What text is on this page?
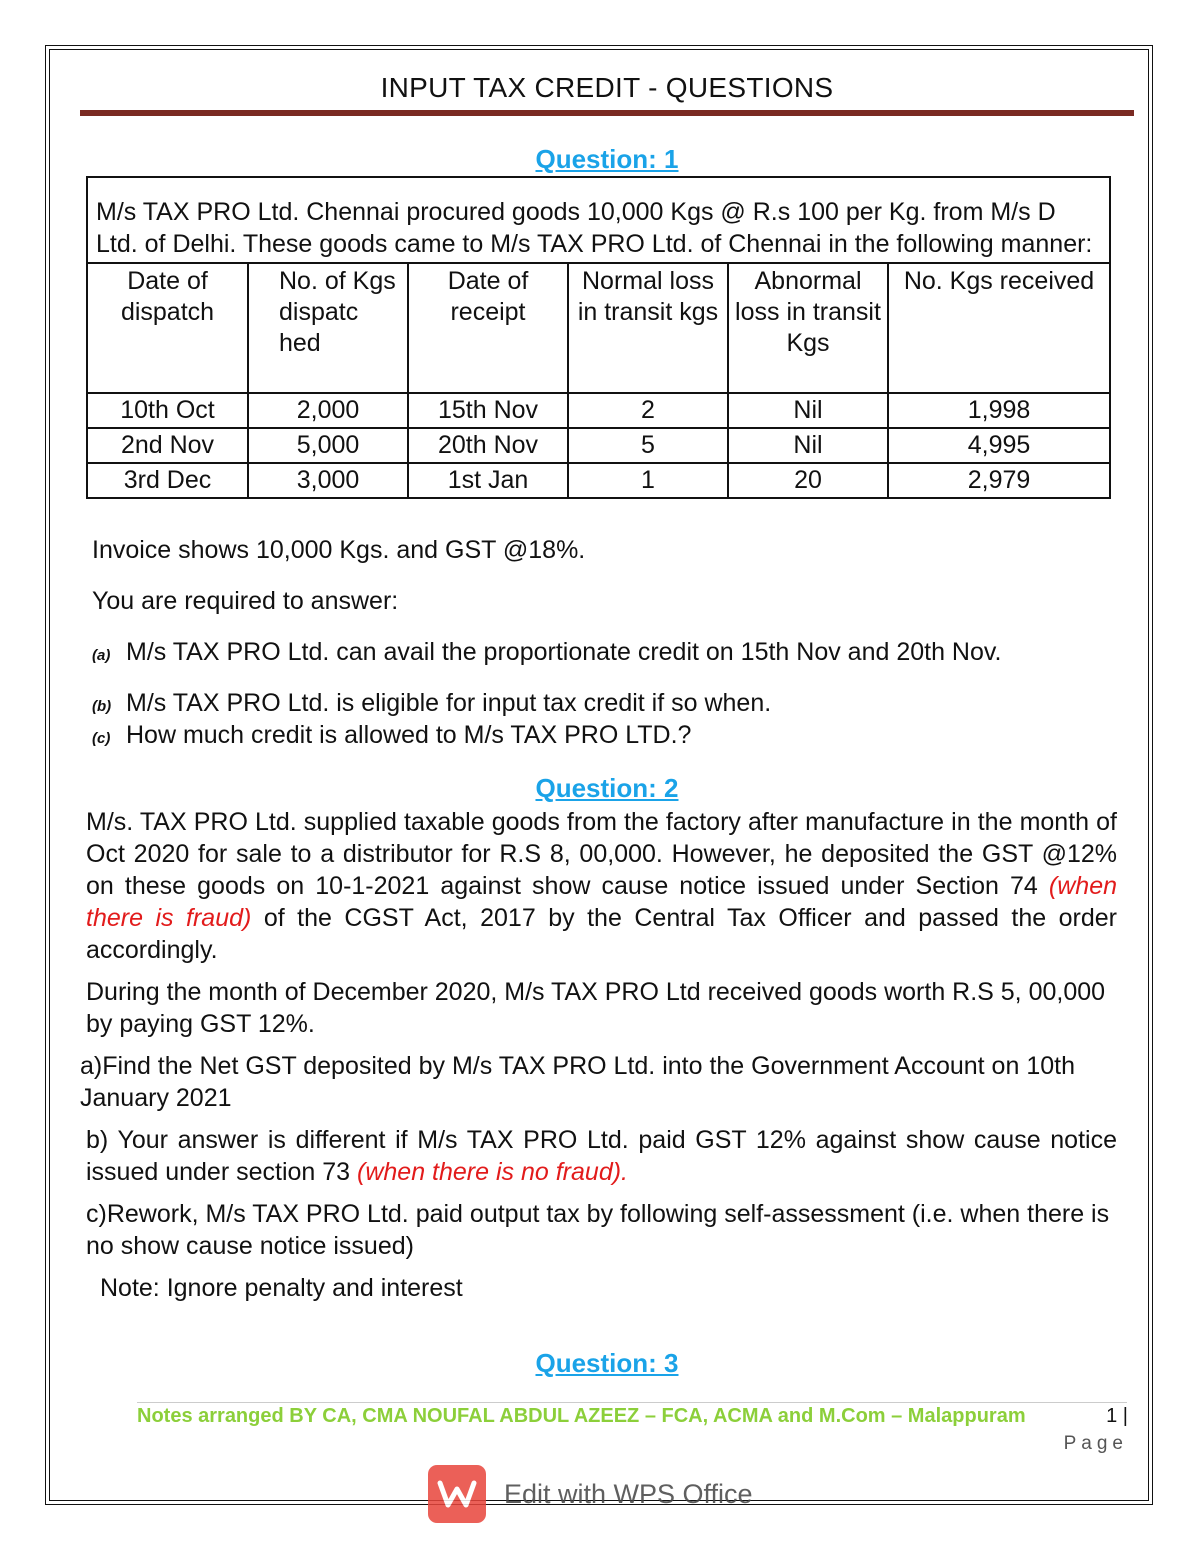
INPUT TAX CREDIT - QUESTIONS
Question: 1
M/s TAX PRO Ltd. Chennai procured goods 10,000 Kgs @ R.s 100 per Kg. from M/s D Ltd. of Delhi. These goods came to M/s TAX PRO Ltd. of Chennai in the following manner:
Date of dispatch	No. of Kgs dispatc hed	Date of receipt	Normal loss in transit kgs	Abnormal loss in transit Kgs	No. Kgs received
10th Oct	2,000	15th Nov	2	Nil	1,998
2nd Nov	5,000	20th Nov	5	Nil	4,995
3rd Dec	3,000	1st Jan	1	20	2,979
Invoice shows 10,000 Kgs. and GST @18%.
You are required to answer:
(a) M/s TAX PRO Ltd. can avail the proportionate credit on 15th Nov and 20th Nov.
(b) M/s TAX PRO Ltd. is eligible for input tax credit if so when.
(c) How much credit is allowed to M/s TAX PRO LTD.?
Question: 2
M/s. TAX PRO Ltd. supplied taxable goods from the factory after manufacture in the month of Oct 2020 for sale to a distributor for R.S 8, 00,000. However, he deposited the GST @12% on these goods on 10-1-2021 against show cause notice issued under Section 74 (when there is fraud) of the CGST Act, 2017 by the Central Tax Officer and passed the order accordingly.
During the month of December 2020, M/s TAX PRO Ltd received goods worth R.S 5, 00,000 by paying GST 12%.
a)Find the Net GST deposited by M/s TAX PRO Ltd. into the Government Account on 10th January 2021
b) Your answer is different if M/s TAX PRO Ltd. paid GST 12% against show cause notice issued under section 73 (when there is no fraud).
c)Rework, M/s TAX PRO Ltd. paid output tax by following self-assessment (i.e. when there is no show cause notice issued)
Note: Ignore penalty and interest
Question: 3
Notes arranged BY CA, CMA NOUFAL ABDUL AZEEZ – FCA, ACMA and M.Com – Malappuram	1 |
Page
Edit with WPS Office
